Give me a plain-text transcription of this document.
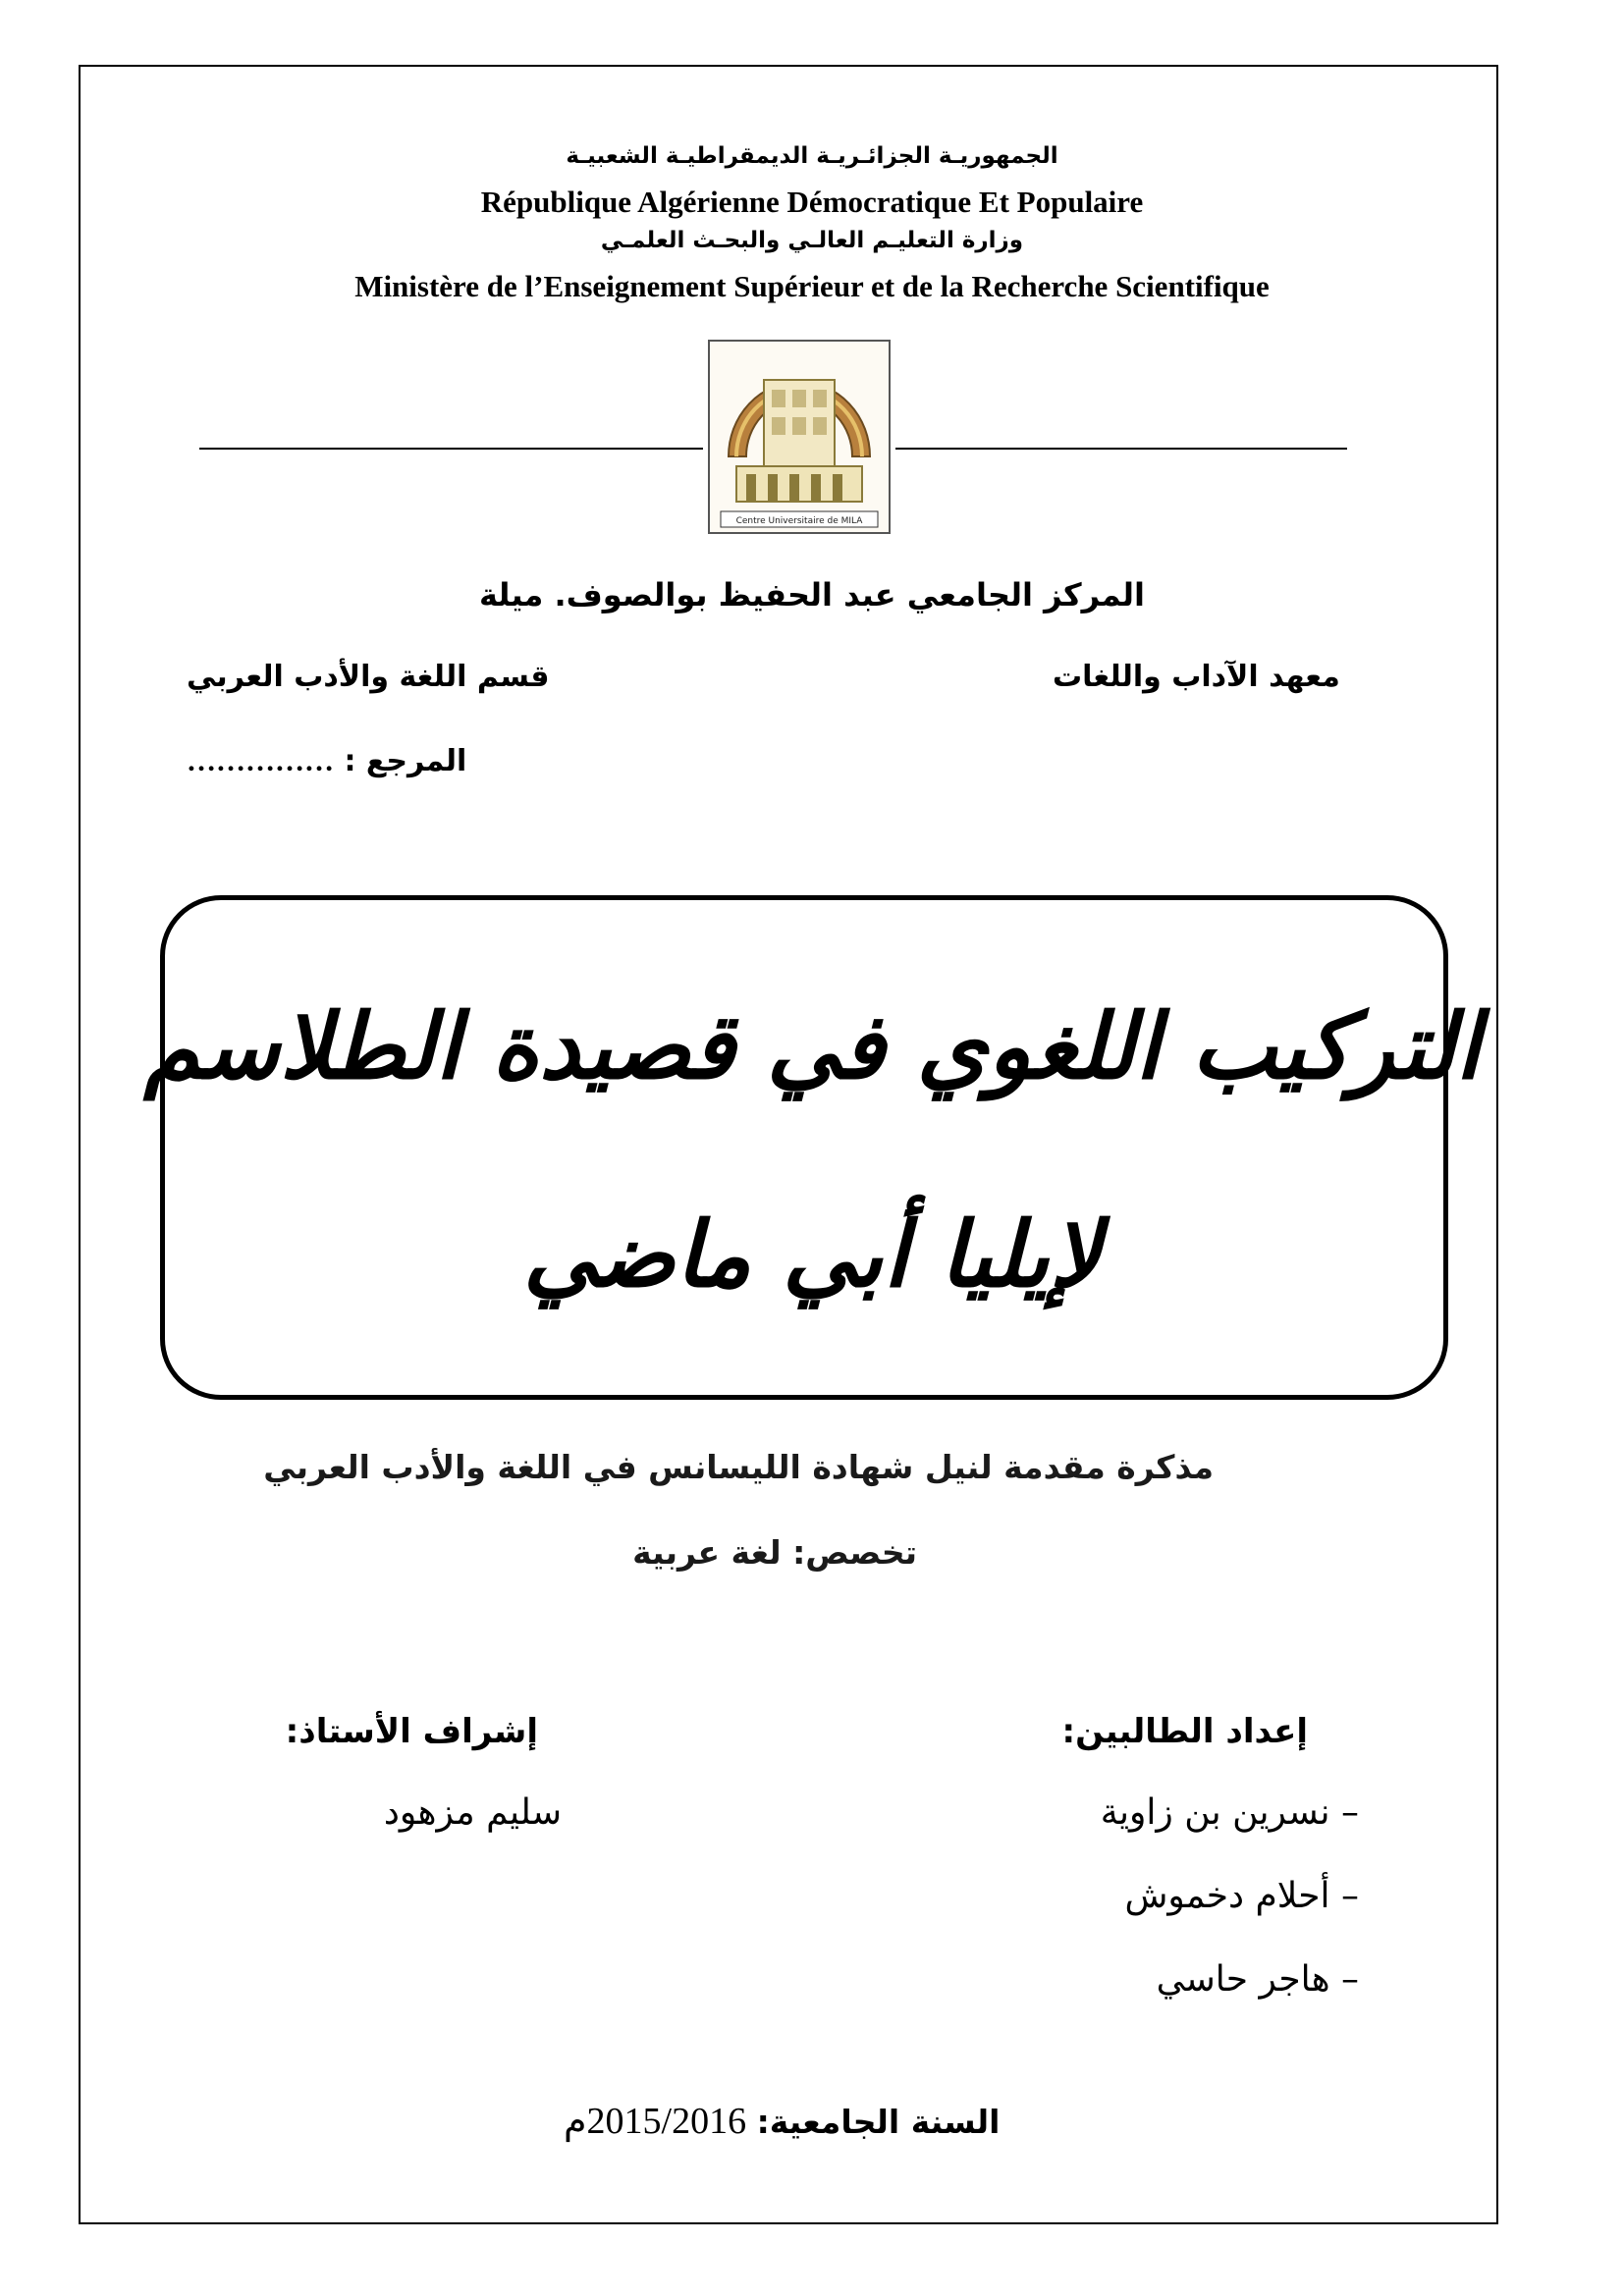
الجمهوريـة الجزائـريـة الديمقراطيـة الشعبيـة
République Algérienne Démocratique Et Populaire
وزارة التعليـم العالـي والبحـث العلمـي
Ministère de l’Enseignement Supérieur et de la Recherche Scientifique
Centre Universitaire de MILA
المركز الجامعي عبد الحفيظ بوالصوف. ميلة
معهد الآداب واللغات
قسم اللغة والأدب العربي
المرجع : ……………
التركيب اللغوي في قصيدة الطلاسم
لإيليا أبي ماضي
مذكرة مقدمة لنيل شهادة الليسانس في اللغة والأدب العربي
تخصص: لغة عربية
إعداد الطالبين:
إشراف الأستاذ:
– نسرين بن زاوية
– أحلام دخموش
– هاجر حاسي
سليم مزهود
السنة الجامعية: 2015/2016م
